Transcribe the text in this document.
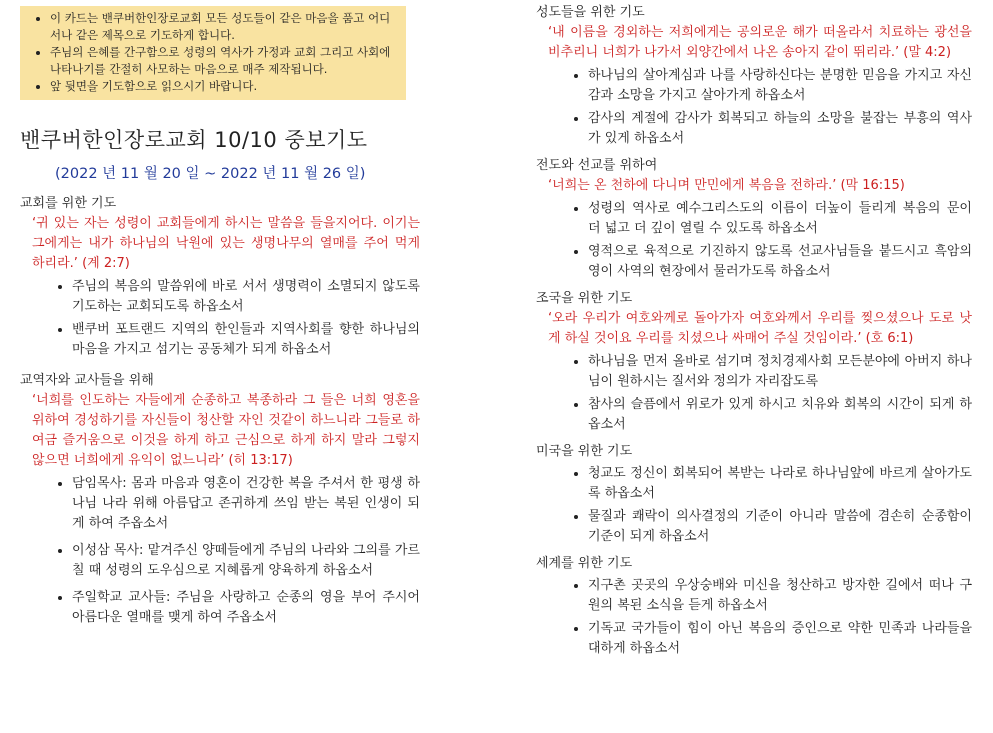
• 이 카드는 밴쿠버한인장로교회 모든 성도들이 같은 마음을 품고 어디서나 같은 제목으로 기도하게 합니다.
• 주님의 은혜를 간구함으로 성령의 역사가 가정과 교회 그리고 사회에 나타나기를 간절히 사모하는 마음으로 매주 제작됩니다.
• 앞 뒷면을 기도함으로 읽으시기 바랍니다.
밴쿠버한인장로교회 10/10 중보기도
(2022 년 11 월 20 일 ~ 2022 년 11 월 26 일)
교회를 위한 기도
‘귀 있는 자는 성령이 교회들에게 하시는 말씀을 들을지어다. 이기는 그에게는 내가 하나님의 낙원에 있는 생명나무의 열매를 주어 먹게 하리라.’ (계 2:7)
• 주님의 복음의 말씀위에 바로 서서 생명력이 소멸되지 않도록 기도하는 교회되도록 하옵소서
• 밴쿠버 포트랜드 지역의 한인들과 지역사회를 향한 하나님의 마음을 가지고 섬기는 공동체가 되게 하옵소서
교역자와 교사들을 위해
‘너희를 인도하는 자들에게 순종하고 복종하라 그 들은 너희 영혼을 위하여 경성하기를 자신들이 청산할 자인 것같이 하느니라 그들로 하여금 즐거움으로 이것을 하게 하고 근심으로 하게 하지 말라 그렇지 않으면 너희에게 유익이 없느니라’ (히 13:17)
• 담임목사: 몸과 마음과 영혼이 건강한 복을 주셔서 한 평생 하나님 나라 위해 아름답고 존귀하게 쓰임 받는 복된 인생이 되게 하여 주옵소서
• 이성삼 목사: 맡겨주신 양떼들에게 주님의 나라와 그의를 가르칠 때 성령의 도우심으로 지혜롭게 양육하게 하옵소서
• 주일학교 교사들: 주님을 사랑하고 순종의 영을 부어 주시어 아름다운 열매를 맺게 하여 주옵소서
성도들을 위한 기도
‘내 이름을 경외하는 저희에게는 공의로운 해가 떠올라서 치료하는 광선을 비추리니 너희가 나가서 외양간에서 나온 송아지 같이 뛰리라.’ (말 4:2)
• 하나님의 살아계심과 나를 사랑하신다는 분명한 믿음을 가지고 자신감과 소망을 가지고 살아가게 하옵소서
• 감사의 계절에 감사가 회복되고 하늘의 소망을 불잡는 부흥의 역사가 있게 하옵소서
전도와 선교를 위하여
‘너희는 온 천하에 다니며 만민에게 복음을 전하라.’ (막 16:15)
• 성령의 역사로 예수그리스도의 이름이 더높이 들리게 복음의 문이 더 넓고 더 깊이 열릴 수 있도록 하옵소서
• 영적으로 육적으로 기진하지 않도록 선교사님들을 붙드시고 흑암의영이 사역의 현장에서 물러가도록 하옵소서
조국을 위한 기도
‘오라 우리가 여호와께로 돌아가자 여호와께서 우리를 찢으셨으나 도로 낫게 하실 것이요 우리를 치셨으나 싸매어 주실 것임이라.’ (호 6:1)
• 하나님을 먼저 올바로 섬기며 정치경제사회 모든분야에 아버지 하나님이 원하시는 질서와 정의가 자리잡도록
• 참사의 슬픔에서 위로가 있게 하시고 치유와 회복의 시간이 되게 하옵소서
미국을 위한 기도
• 청교도 정신이 회복되어 복받는 나라로 하나님앞에 바르게 살아가도록 하옵소서
• 물질과 쾌락이 의사결정의 기준이 아니라 말씀에 겸손히 순종함이 기준이 되게 하옵소서
세계를 위한 기도
• 지구촌 곳곳의 우상숭배와 미신을 청산하고 방자한 길에서 떠나 구원의 복된 소식을 듣게 하옵소서
• 기독교 국가들이 힘이 아닌 복음의 증인으로 약한 민족과 나라들을 대하게 하옵소서
